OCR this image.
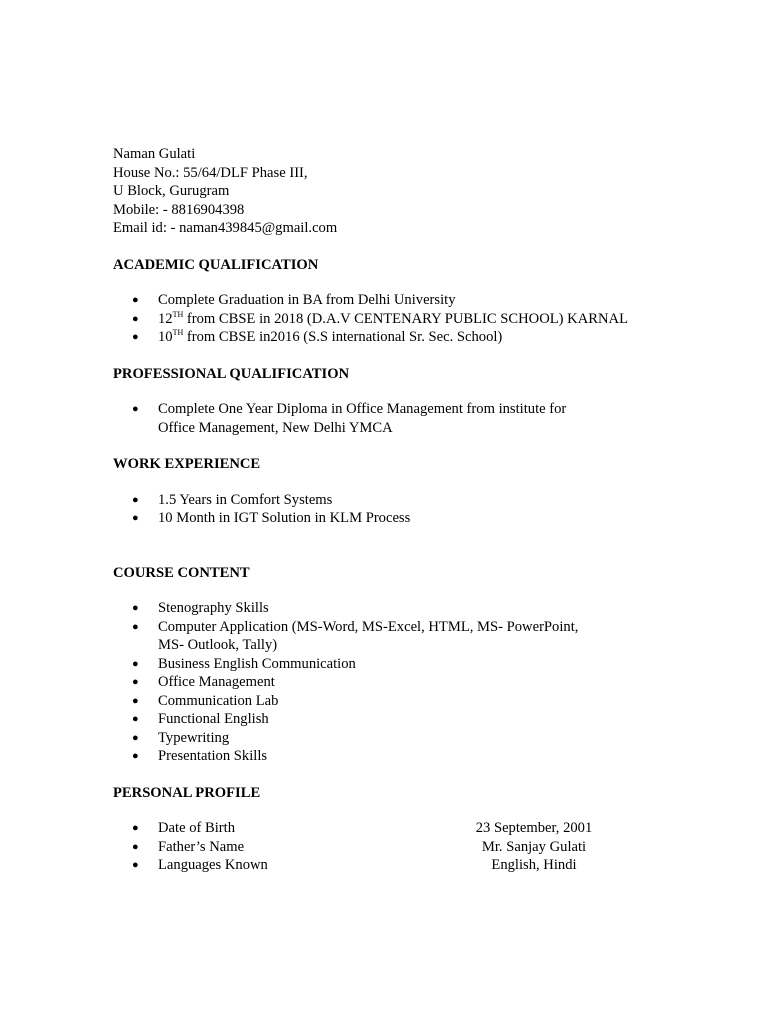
Naman Gulati
House No.: 55/64/DLF Phase III,
U Block, Gurugram
Mobile: - 8816904398
Email id: - naman439845@gmail.com
ACADEMIC QUALIFICATION
● Complete Graduation in BA from Delhi University
● 12TH from CBSE in 2018 (D.A.V CENTENARY PUBLIC SCHOOL) KARNAL
● 10TH from CBSE in2016 (S.S international Sr. Sec. School)
PROFESSIONAL QUALIFICATION
● Complete One Year Diploma in Office Management from institute for
Office Management, New Delhi YMCA
WORK EXPERIENCE
● 1.5 Years in Comfort Systems
● 10 Month in IGT Solution in KLM Process
COURSE CONTENT
● Stenography Skills
● Computer Application (MS-Word, MS-Excel, HTML, MS- PowerPoint,
MS- Outlook, Tally)
● Business English Communication
● Office Management
● Communication Lab
● Functional English
● Typewriting
● Presentation Skills
PERSONAL PROFILE
● Date of Birth	23 September, 2001
● Father’s Name	Mr. Sanjay Gulati
● Languages Known	English, Hindi
